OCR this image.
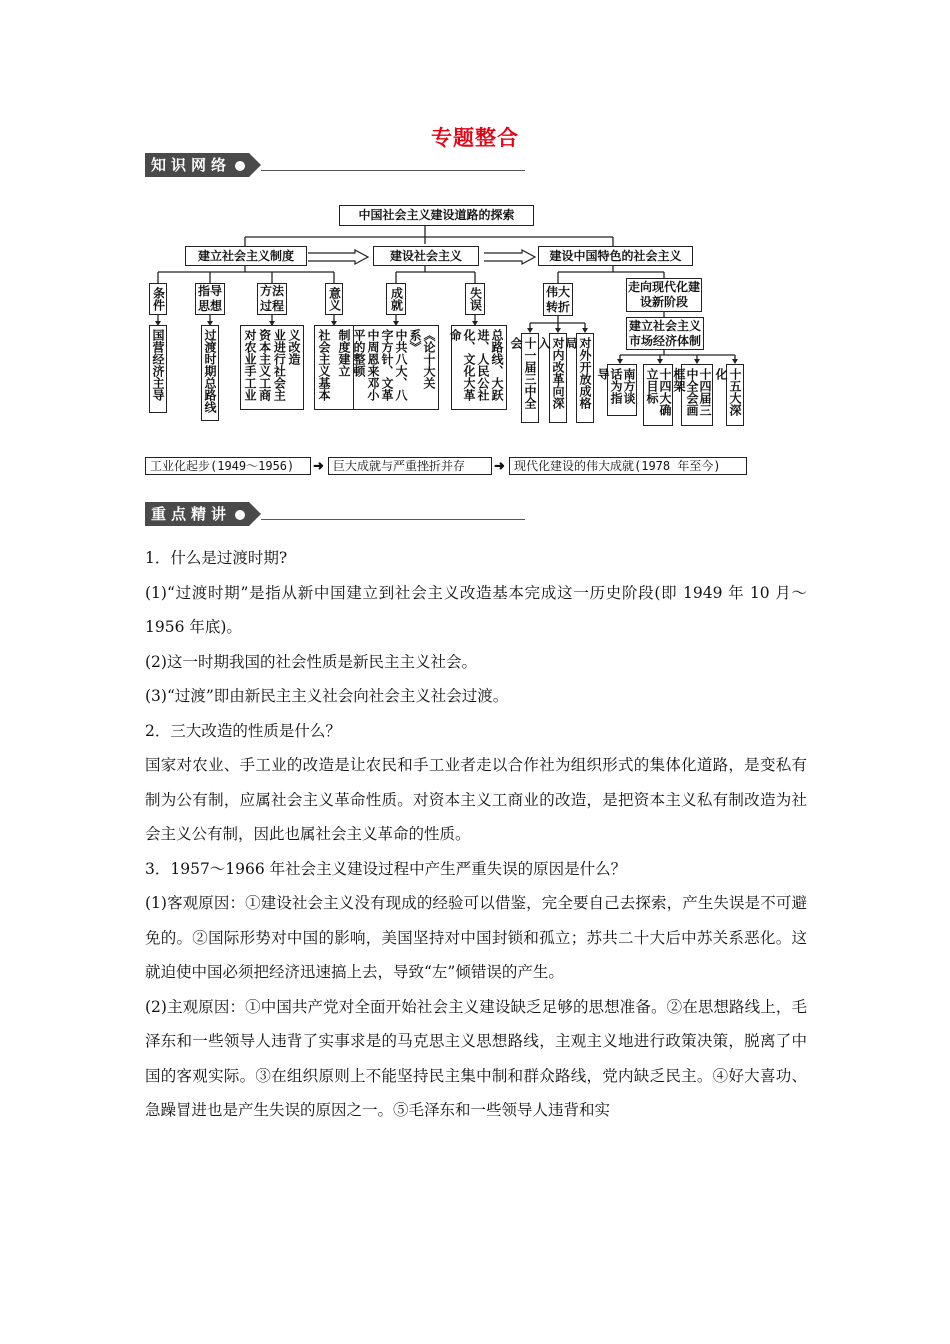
专题整合
知识网络
中国社会主义建设道路的探索
建立社会主义制度	建设社会主义	建设中国特色的社会主义
条件	指导思想
方法过程	意义
国营经济主导	过渡时期总路线	义改造
业进行社会主
资本主义工商
对农业手工业	制度建立
社会主义基本
成就	失误
《论十大关系》
中共八大、八
字方针、文革
中周恩来邓小
平的整顿	总路线、大跃
进、人民公社
化、文化大革命
伟大转折
走向现代化建设新阶段
十一届三中全会	对内改革向深入	对外开放成格局
建立社会主义市场经济体制
南方谈话为指导	十四大确立目标	十四届三中全会画框架	十五大深化
工业化起步(1949～1956)	➜ 巨大成就与严重挫折并存	➜ 现代化建设的伟大成就(1978 年至今)
重点精讲

1．什么是过渡时期?

(1)“过渡时期”是指从新中国建立到社会主义改造基本完成这一历史阶段(即 1949 年 10 月～1956 年底)。

(2)这一时期我国的社会性质是新民主主义社会。

(3)“过渡”即由新民主主义社会向社会主义社会过渡。

2．三大改造的性质是什么？

国家对农业、手工业的改造是让农民和手工业者走以合作社为组织形式的集体化道路，是变私有制为公有制，应属社会主义革命性质。对资本主义工商业的改造，是把资本主义私有制改造为社会主义公有制，因此也属社会主义革命的性质。

3．1957～1966 年社会主义建设过程中产生严重失误的原因是什么？

(1)客观原因：①建设社会主义没有现成的经验可以借鉴，完全要自己去探索，产生失误是不可避免的。②国际形势对中国的影响，美国坚持对中国封锁和孤立；苏共二十大后中苏关系恶化。这就迫使中国必须把经济迅速搞上去，导致“左”倾错误的产生。

(2)主观原因：①中国共产党对全面开始社会主义建设缺乏足够的思想准备。②在思想路线上，毛泽东和一些领导人违背了实事求是的马克思主义思想路线，主观主义地进行政策决策，脱离了中国的客观实际。③在组织原则上不能坚持民主集中制和群众路线，党内缺乏民主。④好大喜功、急躁冒进也是产生失误的原因之一。⑤毛泽东和一些领导人违背和实
